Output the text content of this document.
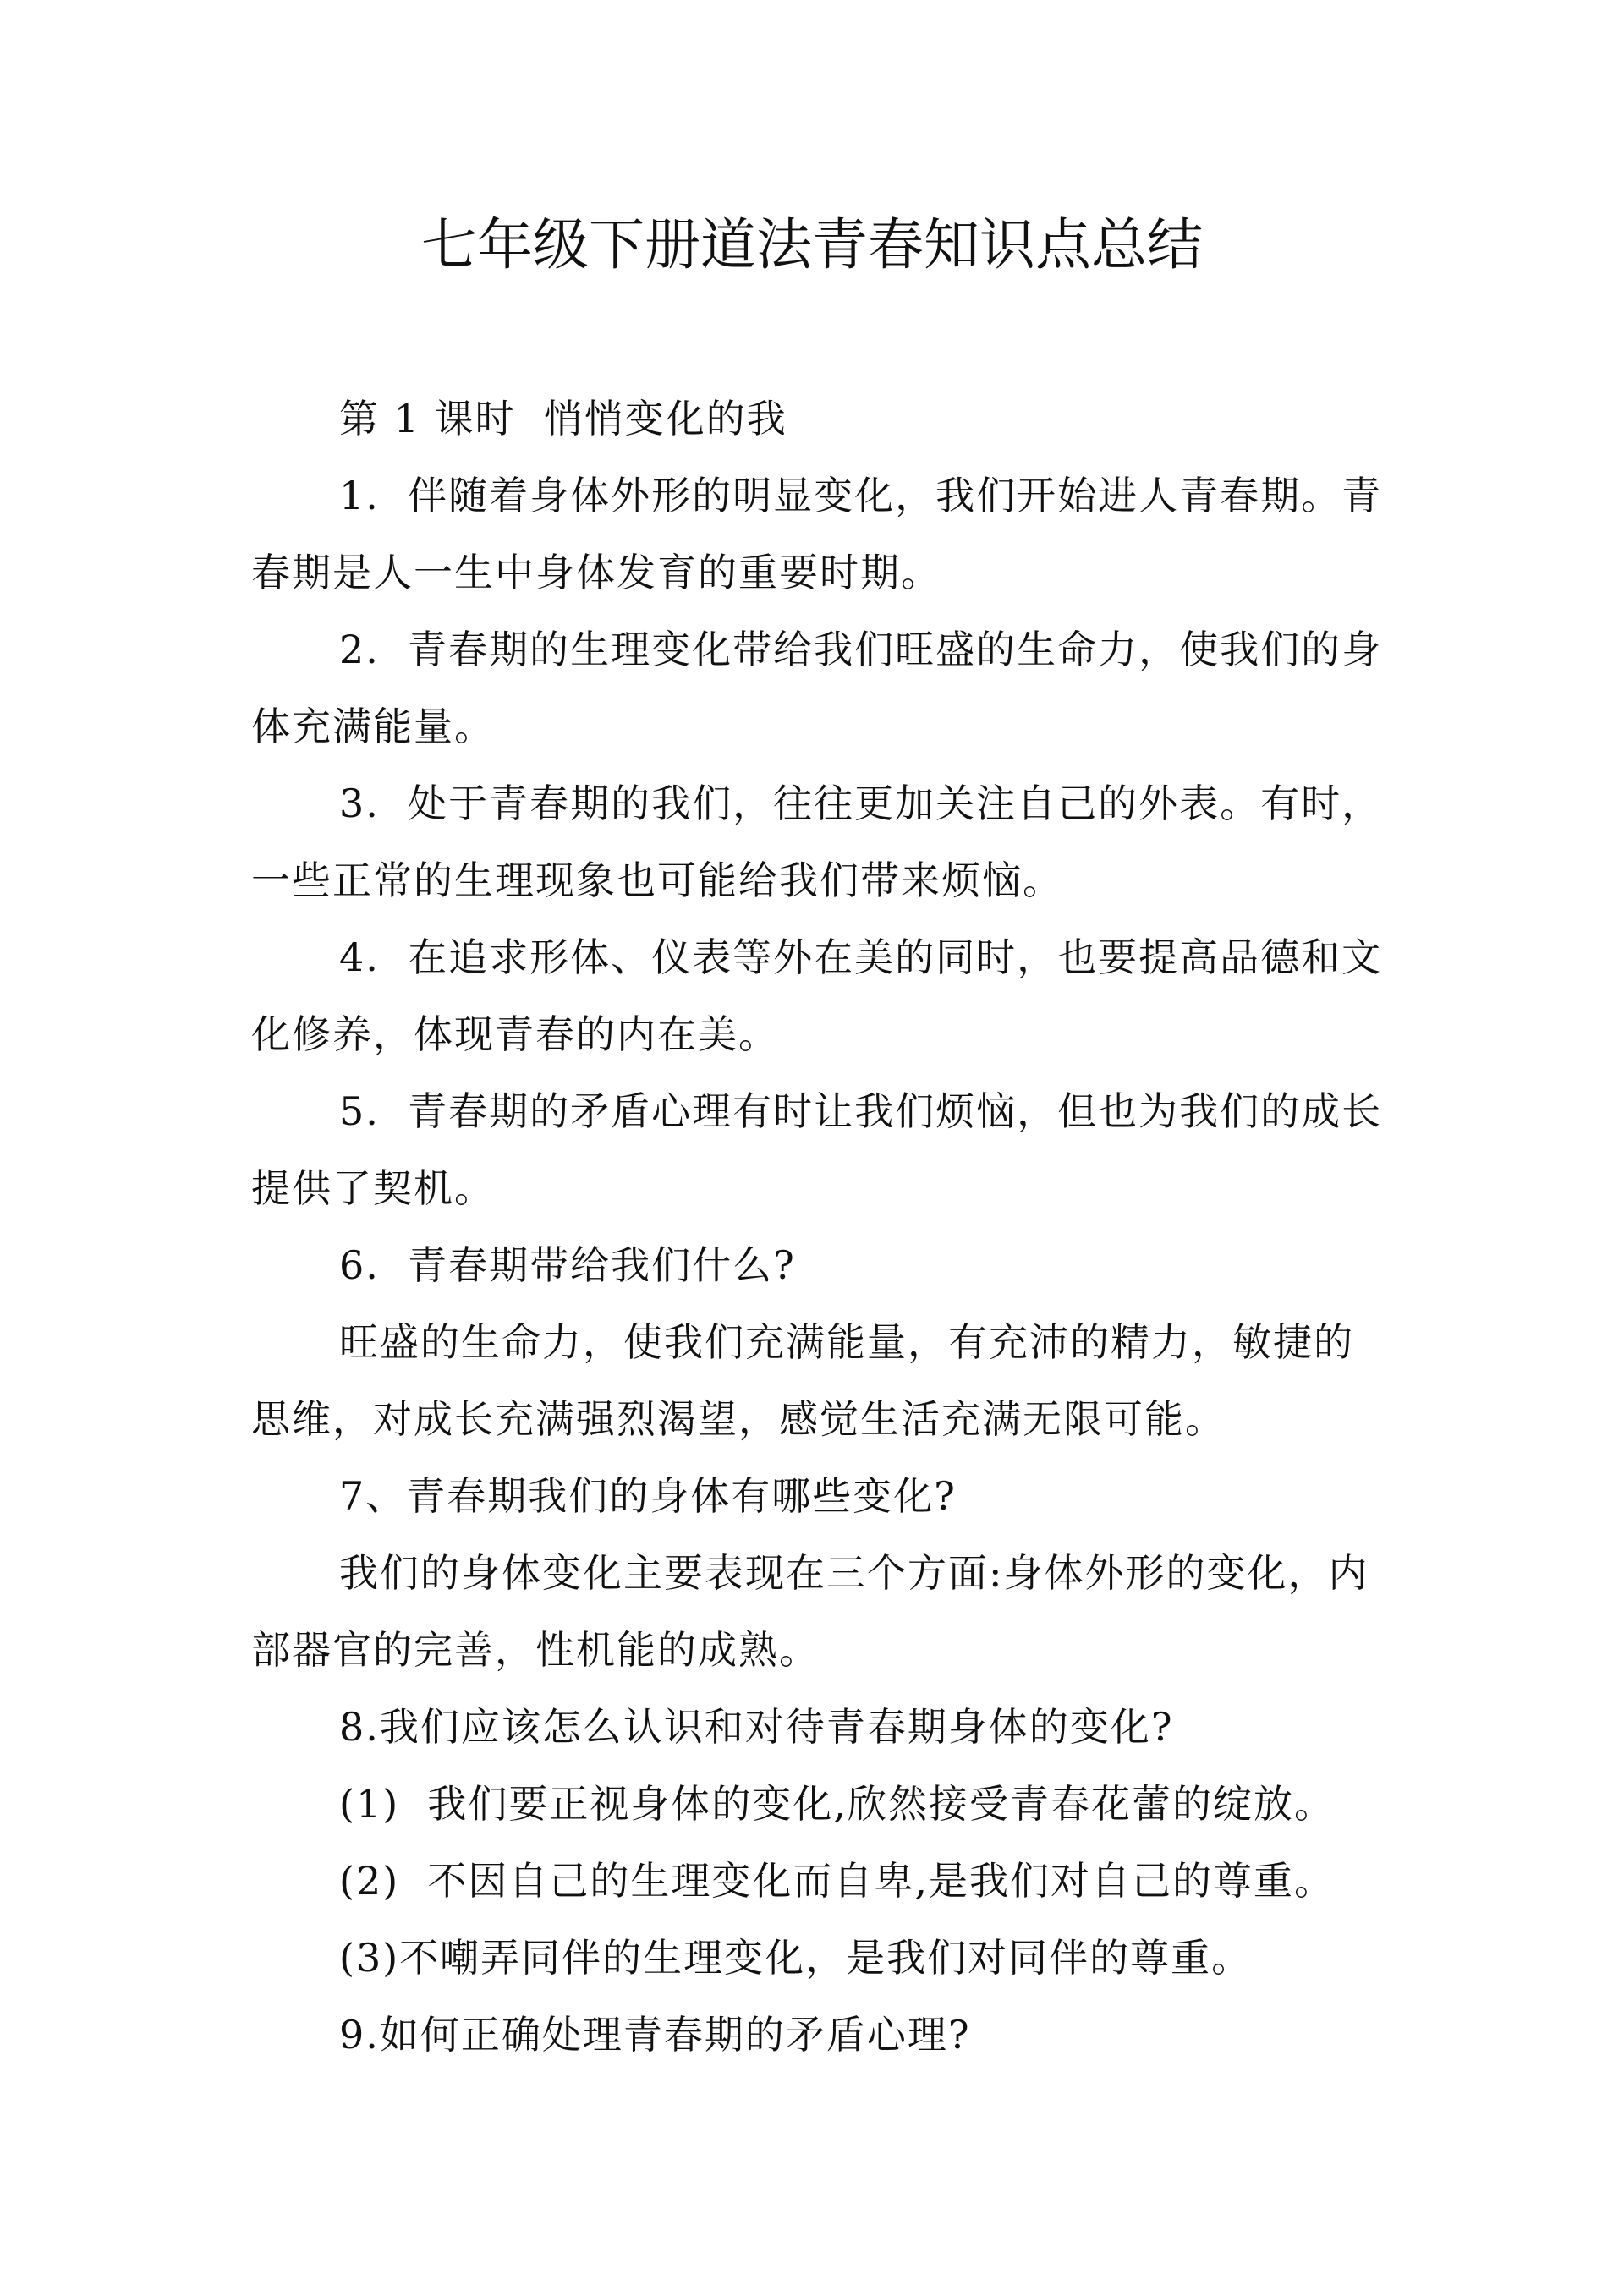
七年级下册道法青春知识点总结

第 1 课时  悄悄变化的我

1.  伴随着身体外形的明显变化，我们开始进人青春期。青春期是人一生中身体发育的重要时期。

2.  青春期的生理变化带给我们旺盛的生命力，使我们的身体充满能量。

3.  处于青春期的我们，往往更加关注自己的外表。有时，一些正常的生理现象也可能给我们带来烦恼。

4.  在追求形体、仪表等外在美的同时，也要提高品德和文化修养，体现青春的内在美。

5.  青春期的矛盾心理有时让我们烦恼，但也为我们的成长提供了契机。

6.  青春期带给我们什么?

旺盛的生命力，使我们充满能量，有充沛的精力，敏捷的思维，对成长充满强烈渴望，感觉生活充满无限可能。

7、青春期我们的身体有哪些变化?

我们的身体变化主要表现在三个方面:身体外形的变化，内部器官的完善，性机能的成熟。

8.我们应该怎么认识和对待青春期身体的变化?

(1)  我们要正视身体的变化,欣然接受青春花蕾的绽放。

(2)  不因自己的生理变化而自卑,是我们对自己的尊重。

(3)不嘲弄同伴的生理变化，是我们对同伴的尊重。

9.如何正确处理青春期的矛盾心理?
